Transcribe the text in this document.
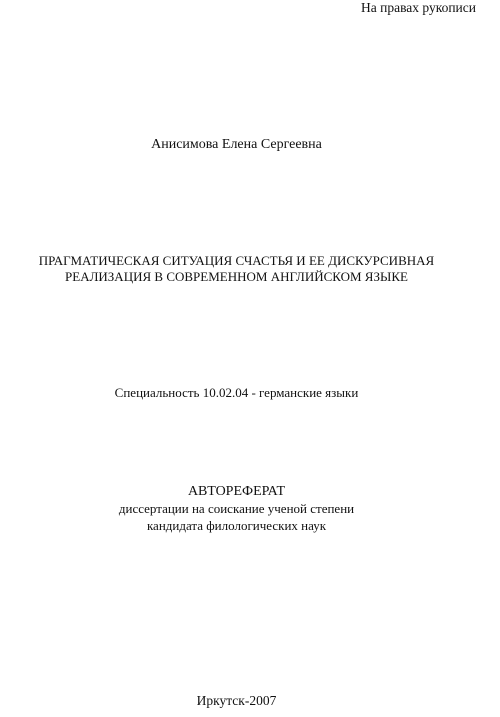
На правах рукописи

Анисимова Елена Сергеевна

ПРАГМАТИЧЕСКАЯ СИТУАЦИЯ СЧАСТЬЯ И ЕЕ ДИСКУРСИВНАЯ
РЕАЛИЗАЦИЯ В СОВРЕМЕННОМ АНГЛИЙСКОМ ЯЗЫКЕ

Специальность 10.02.04 - германские языки

АВТОРЕФЕРАТ
диссертации на соискание ученой степени
кандидата филологических наук

Иркутск-2007
